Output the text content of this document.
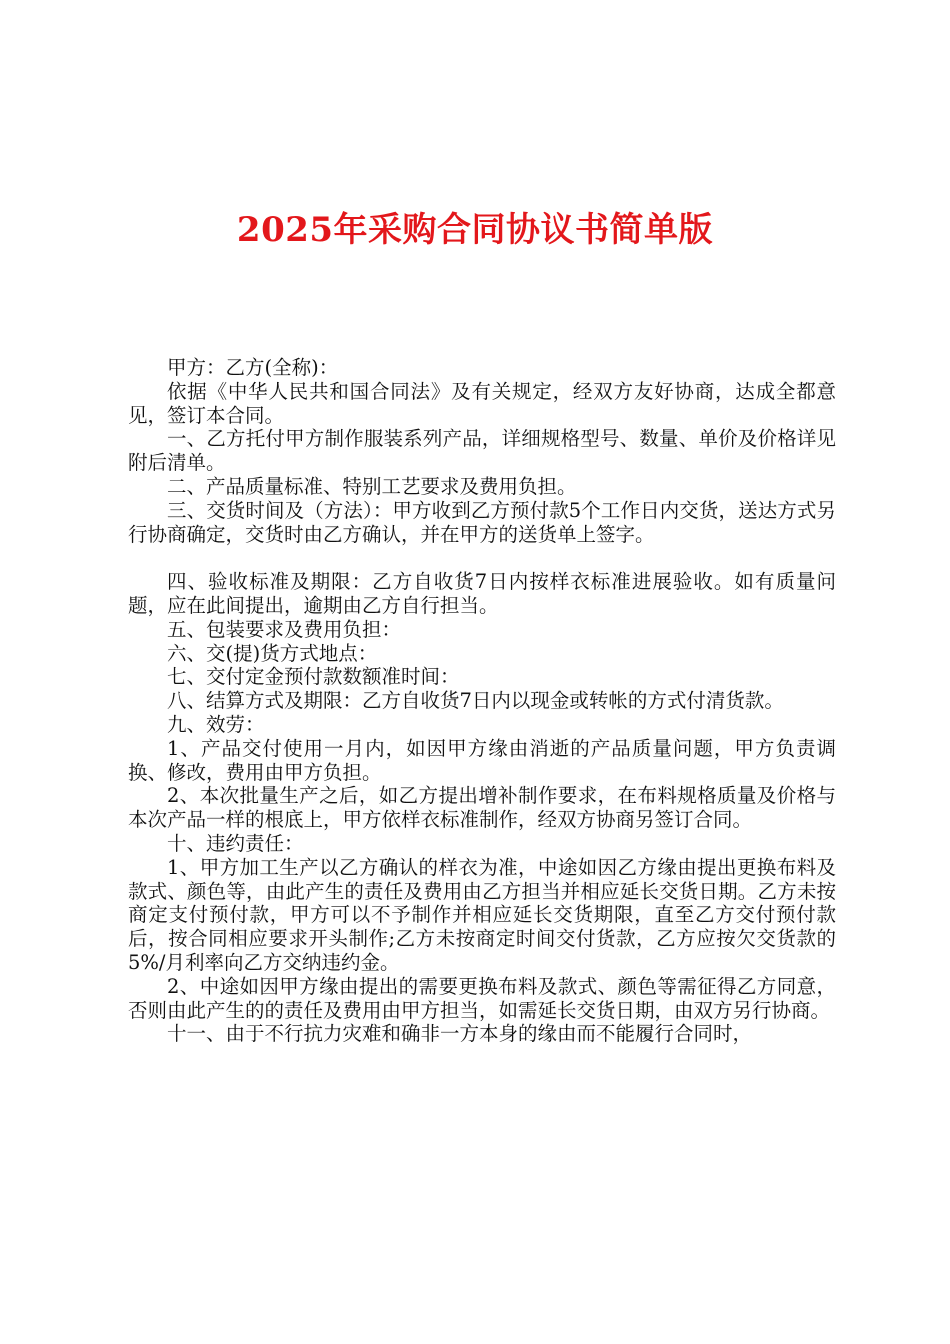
2025年采购合同协议书简单版

甲方：乙方(全称)：

依据《中华人民共和国合同法》及有关规定，经双方友好协商，达成全都意见，签订本合同。

一、乙方托付甲方制作服装系列产品，详细规格型号、数量、单价及价格详见附后清单。

二、产品质量标准、特别工艺要求及费用负担。

三、交货时间及（方法）：甲方收到乙方预付款5个工作日内交货，送达方式另行协商确定，交货时由乙方确认，并在甲方的送货单上签字。

四、验收标准及期限：乙方自收货7日内按样衣标准进展验收。如有质量问题，应在此间提出，逾期由乙方自行担当。

五、包装要求及费用负担：

六、交(提)货方式地点：

七、交付定金预付款数额准时间：

八、结算方式及期限：乙方自收货7日内以现金或转帐的方式付清货款。

九、效劳：

1、产品交付使用一月内，如因甲方缘由消逝的产品质量问题，甲方负责调换、修改，费用由甲方负担。

2、本次批量生产之后，如乙方提出增补制作要求，在布料规格质量及价格与本次产品一样的根底上，甲方依样衣标准制作，经双方协商另签订合同。

十、违约责任：

1、甲方加工生产以乙方确认的样衣为准，中途如因乙方缘由提出更换布料及款式、颜色等，由此产生的责任及费用由乙方担当并相应延长交货日期。乙方未按商定支付预付款，甲方可以不予制作并相应延长交货期限，直至乙方交付预付款后，按合同相应要求开头制作;乙方未按商定时间交付货款，乙方应按欠交货款的5%/月利率向乙方交纳违约金。

2、中途如因甲方缘由提出的需要更换布料及款式、颜色等需征得乙方同意，否则由此产生的的责任及费用由甲方担当，如需延长交货日期，由双方另行协商。

十一、由于不行抗力灾难和确非一方本身的缘由而不能履行合同时，
